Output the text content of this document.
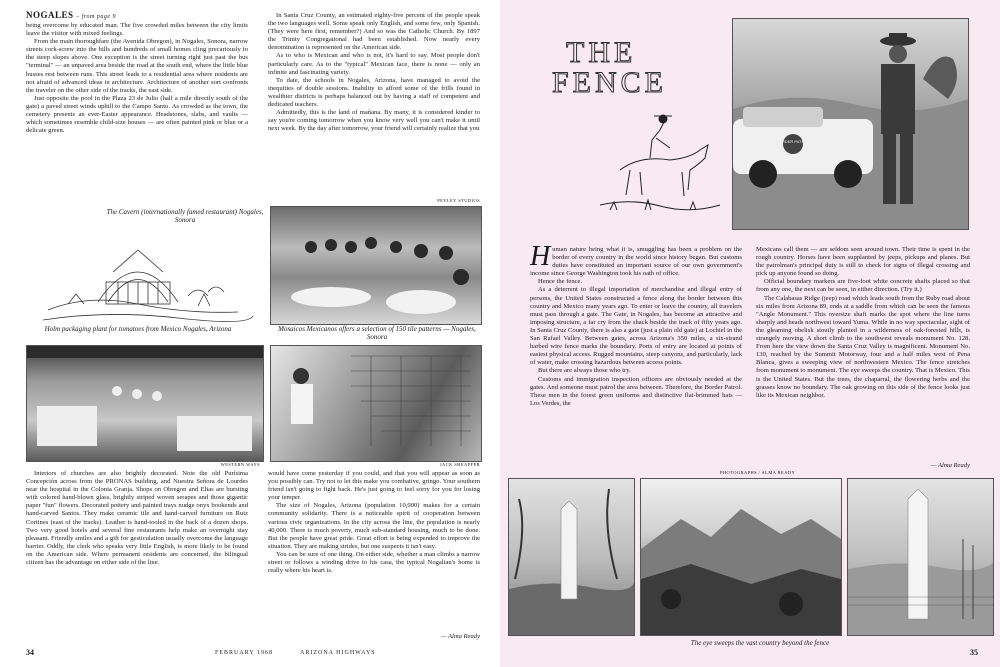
NOGALES – from page 9

being overcome by educated man. The five crowded miles between the city limits leave the visitor with mixed feelings.

From the main thoroughfare (the Avenida Obregon), in Nogales, Sonora, narrow streets cork-screw into the hills and hundreds of small homes cling precariously to the steep slopes above. One exception is the street turning right just past the bus "terminal" — an unpaved area beside the road at the south end, where the little blue busses rest between runs. This street leads to a residential area where residents are not afraid of advanced ideas in architecture. Architecture of another sort confronts the traveler on the other side of the tracks, the east side.

Just opposite the pool in the Plaza 23 de Julio (half a mile directly south of the gate) a paved street winds uphill to the Campo Santo. As crowded as the town, the cemetery presents an ever-Easter appearance. Headstones, slabs, and vaults — which sometimes resemble child-size houses — are often painted pink or blue or a delicate green.

In Santa Cruz County, an estimated eighty-five percent of the people speak the two languages well. Some speak only English, and some few, only Spanish. (They were here first, remember?) And so was the Catholic Church. By 1897 the Trinity Congregational had been established. Now nearly every denomination is represented on the American side.

As to who is Mexican and who is not, it's hard to say. Most people don't particularly care. As to the "typical" Mexican face, there is none — only an infinite and fascinating variety.

To date, the schools in Nogales, Arizona, have managed to avoid the inequities of double sessions. Inability to afford some of the frills found in wealthier districts is perhaps balanced out by having a staff of competent and dedicated teachers.

Admittedly, this is the land of mañana. By many, it is considered kinder to say you're coming tomorrow when you know very well you can't make it until next week. By the day after tomorrow, your friend will certainly realize that you

PEYLEY STUDIOS
The Cavern (internationally famed restaurant) Nogales, Sonora
Holm packaging plant for tomatoes from Mexico Nogales, Arizona	Mosaicos Mexicanos offers a selection of 150 tile patterns — Nogales, Sonora
WESTERN WAYS	JACK SHEAFFER

Interiors of churches are also brightly decorated. Note the old Purísima Concepción across from the PRONAS building, and Nuestra Señora de Lourdes near the hospital in the Colonia Granja. Shops on Obregon and Elias are bursting with colored hand-blown glass, brightly striped woven serapes and those gigantic paper "fun" flowers. Decorated pottery and painted trays nudge onyx bookends and hand-carved Santos. They make ceramic tile and hand-carved furniture on Ruiz Cortines (east of the tracks). Leather is hand-tooled in the back of a dozen shops. Two very good hotels and several fine restaurants help make an overnight stay pleasant. Friendly smiles and a gift for gesticulation usually overcome the language barrier. Oddly, the clerk who speaks very little English, is more likely to be found on the American side. Where permanent residents are concerned, the bilingual citizen has the advantage on either side of the line.

would have come yesterday if you could, and that you will appear as soon as you possibly can. Try not to let this make you combative, gringo. Your southern friend isn't going to fight back. He's just going to feel sorry for you for losing your temper.

The size of Nogales, Arizona (population 10,000) makes for a certain community solidarity. There is a noticeable spirit of cooperation between various civic organizations. In the city across the line, the population is nearly 40,000. There is much poverty, much sub-standard housing, much to be done. But the people have great pride. Great effort is being expended to improve the situation. They are making strides, but one suspects it isn't easy.

You can be sure of one thing. On either side, whether a man climbs a narrow street or follows a winding drive to his casa, the typical Nogalian's home is really where his heart is.

— Alma Ready
34	FEBRUARY 1968	ARIZONA HIGHWAYS
THE
FENCE
BORDER PATROL

Human nature being what it is, smuggling has been a problem on the border of every country in the world since history began. But customs duties have constituted an important source of our own government's income since George Washington took his oath of office.

Hence the fence.

As a deterrent to illegal importation of merchandise and illegal entry of persons, the United States constructed a fence along the border between this country and Mexico many years ago. To enter or leave the country, all travelers must pass through a gate. The Gate, in Nogales, has become an attractive and imposing structure, a far cry from the shack beside the track of fifty years ago. In Santa Cruz County, there is also a gate (just a plain old gate) at Lochiel in the San Rafael Valley. Between gates, across Arizona's 350 miles, a six-strand barbed wire fence marks the boundary. Ports of entry are located at points of easiest physical access. Rugged mountains, steep canyons, and particularly, lack of water, make crossing hazardous between access points.

But there are always those who try.

Customs and immigration inspection officers are obviously needed at the gates. And someone must patrol the area between. Therefore, the Border Patrol. These men in the forest green uniforms and distinctive flat-brimmed hats — Los Verdes, the

Mexicans call them — are seldom seen around town. Their time is spent in the rough country. Horses have been supplanted by jeeps, pickups and planes. But the patrolman's principal duty is still to check for signs of illegal crossing and pick up anyone found so doing.

Official boundary markers are five-foot white concrete shafts placed so that from any one, the next can be seen, in either direction. (Try it.)

The Calabasas Ridge (jeep) road which leads south from the Ruby road about six miles from Arizona 89, ends at a saddle from which can be seen the famous "Angle Monument." This oversize shaft marks the spot where the line turns sharply and heads northwest toward Yuma. While in no way spectacular, sight of the gleaming obelisk stoutly planted in a wilderness of oak-forested hills, is strangely moving. A short climb to the southwest reveals monument No. 128. From here the view down the Santa Cruz Valley is magnificent. Monument No. 130, reached by the Summit Motorway, four and a half miles west of Pena Blanca, gives a sweeping view of northwestern Mexico. The fence stretches from monument to monument. The eye sweeps the country. That is Mexico. This is the United States. But the trees, the chaparral, the flowering herbs and the grasses know no boundary. The oak growing on this side of the fence looks just like its Mexican neighbor.

— Alma Ready
PHOTOGRAPHS / ALMA READY
The eye sweeps the vast country beyond the fence
35
